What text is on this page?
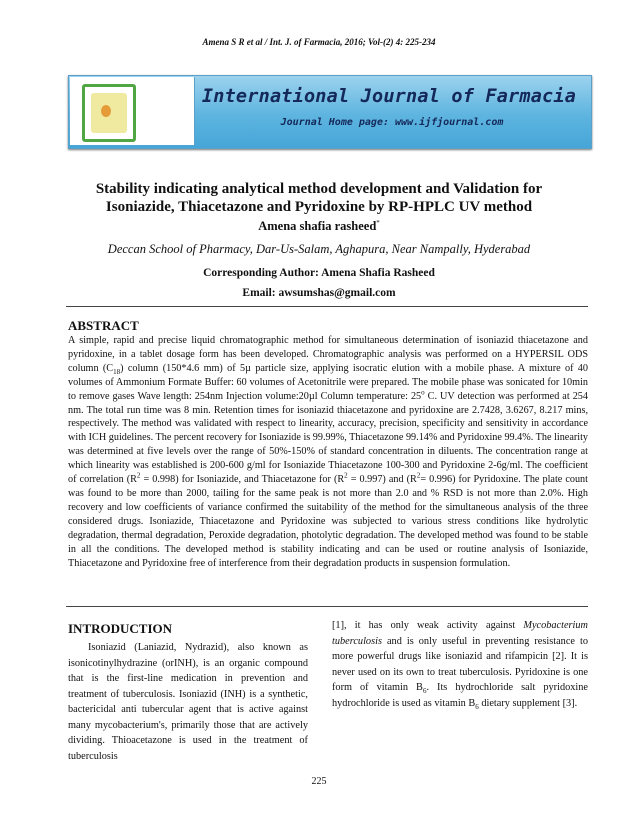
Amena S R et al / Int. J. of Farmacia, 2016; Vol-(2) 4: 225-234
International Journal of Farmacia
Journal Home page: www.ijfjournal.com
Stability indicating analytical method development and Validation for
Isoniazide, Thiacetazone and Pyridoxine by RP-HPLC UV method
Amena shafia rasheed*
Deccan School of Pharmacy, Dar-Us-Salam, Aghapura, Near Nampally, Hyderabad
Corresponding Author: Amena Shafia Rasheed
Email: awsumshas@gmail.com
ABSTRACT

A simple, rapid and precise liquid chromatographic method for simultaneous determination of isoniazid thiacetazone and pyridoxine, in a tablet dosage form has been developed. Chromatographic analysis was performed on a HYPERSIL ODS column $(C_{18})$ column (150*4.6 mm) of 5µ particle size, applying isocratic elution with a mobile phase. A mixture of 40 volumes of Ammonium Formate Buffer: 60 volumes of Acetonitrile were prepared. The mobile phase was sonicated for 10min to remove gases Wave length: 254nm Injection volume:20µl Column temperature: 25$^o$ C. UV detection was performed at 254 nm. The total run time was 8 min. Retention times for isoniazid thiacetazone and pyridoxine are 2.7428, 3.6267, 8.217 mins, respectively. The method was validated with respect to linearity, accuracy, precision, specificity and sensitivity in accordance with ICH guidelines. The percent recovery for Isoniazide is 99.99%, Thiacetazone 99.14% and Pyridoxine 99.4%. The linearity was determined at five levels over the range of 50%-150% of standard concentration in diluents. The concentration range at which linearity was established is 200-600 g/ml for Isoniazide Thiacetazone 100-300 and Pyridoxine 2-6g/ml. The coefficient of correlation $(R^2 = 0.998)$ for Isoniazide, and Thiacetazone for $(R^2 = 0.997)$ and $(R^2= 0.996)$ for Pyridoxine. The plate count was found to be more than 2000, tailing for the same peak is not more than 2.0 and % RSD is not more than 2.0%. High recovery and low coefficients of variance confirmed the suitability of the method for the simultaneous analysis of the three considered drugs. Isoniazide, Thiacetazone and Pyridoxine was subjected to various stress conditions like hydrolytic degradation, thermal degradation, Peroxide degradation, photolytic degradation. The developed method was found to be stable in all the conditions. The developed method is stability indicating and can be used or routine analysis of Isoniazide, Thiacetazone and Pyridoxine free of interference from their degradation products in suspension formulation.

INTRODUCTION

Isoniazid (Laniazid, Nydrazid), also known as isonicotinylhydrazine (orINH), is an organic compound that is the first-line medication in prevention and treatment of tuberculosis. Isoniazid (INH) is a synthetic, bactericidal anti tubercular agent that is active against many mycobacterium's, primarily those that are actively dividing. Thioacetazone is used in the treatment of tuberculosis

[1], it has only weak activity against Mycobacterium tuberculosis and is only useful in preventing resistance to more powerful drugs like isoniazid and rifampicin [2]. It is never used on its own to treat tuberculosis. Pyridoxine is one form of vitamin $B_6$. Its hydrochloride salt pyridoxine hydrochloride is used as vitamin $B_6$ dietary supplement [3].

225
